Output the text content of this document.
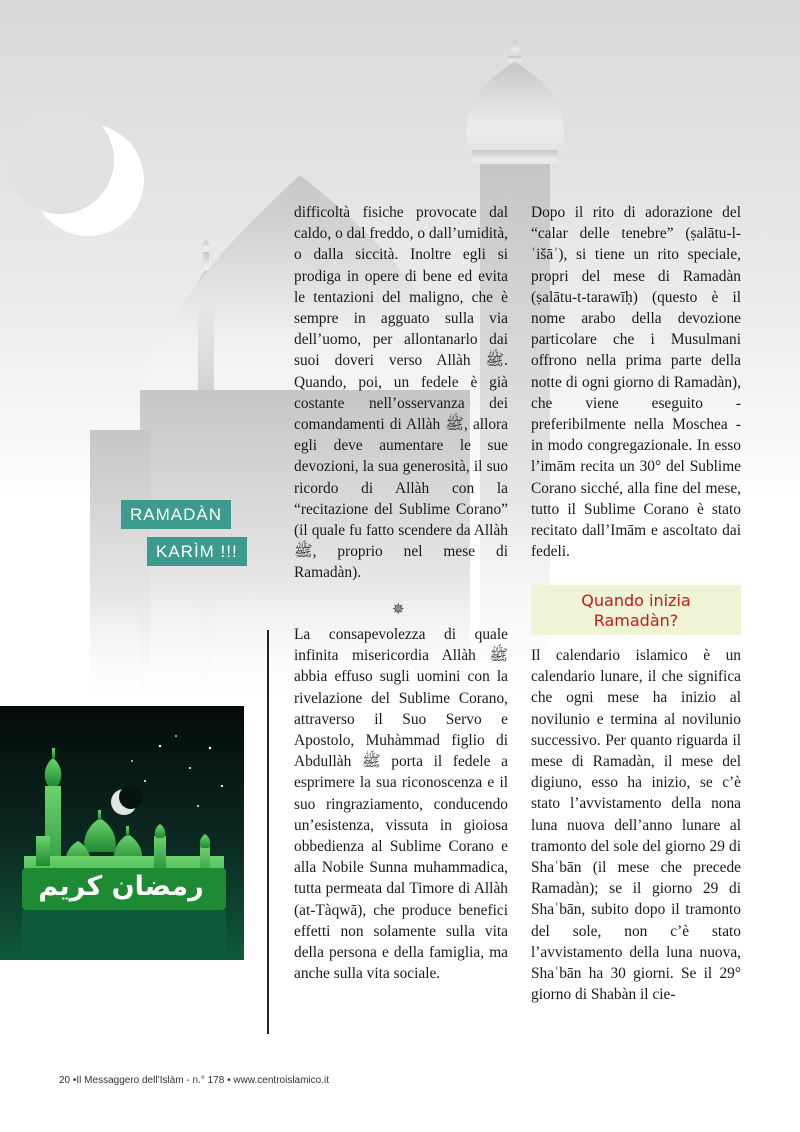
RAMADÀN
KARÌM !!!

difficoltà fisiche provocate dal caldo, o dal freddo, o dall’umidità, o dalla siccità. Inoltre egli si prodiga in opere di bene ed evita le tentazioni del maligno, che è sempre in agguato sulla via dell’uomo, per allontanarlo dai suoi doveri verso Allàh ﷺ. Quando, poi, un fedele è già costante nell’osservanza dei comandamenti di Allàh ﷺ, allora egli deve aumentare le sue devozioni, la sua generosità, il suo ricordo di Allàh con la “recitazione del Sublime Corano” (il quale fu fatto scendere da Allàh ﷺ, proprio nel mese di Ramadàn).

✵

La consapevolezza di quale infinita misericordia Allàh ﷺ abbia effuso sugli uomini con la rivelazione del Sublime Corano, attraverso il Suo Servo e Apostolo, Muhàmmad figlio di Abdullàh ﷺ porta il fedele a esprimere la sua riconoscenza e il suo ringraziamento, conducendo un’esistenza, vissuta in gioiosa obbedienza al Sublime Corano e alla Nobile Sunna muhammadica, tutta permeata dal Timore di Allàh (at-Tàqwā), che produce benefici effetti non solamente sulla vita della persona e della famiglia, ma anche sulla vita sociale.

Dopo il rito di adorazione del “calar delle tenebre” (ṣalātu-l-ʿišāʾ), si tiene un rito speciale, propri del mese di Ramadàn (ṣalātu-t-tarawīḥ) (questo è il nome arabo della devozione particolare che i Musulmani offrono nella prima parte della notte di ogni giorno di Ramadàn), che viene eseguito - preferibilmente nella Moschea - in modo congregazionale. In esso l’imām recita un 30° del Sublime Corano sicché, alla fine del mese, tutto il Sublime Corano è stato recitato dall’Imām e ascoltato dai fedeli.

Quando inizia
Ramadàn?

Il calendario islamico è un calendario lunare, il che significa che ogni mese ha inizio al novilunio e termina al novilunio successivo. Per quanto riguarda il mese di Ramadàn, il mese del digiuno, esso ha inizio, se c’è stato l’avvistamento della nona luna nuova dell’anno lunare al tramonto del sole del giorno 29 di Shaʿbān (il mese che precede Ramadàn); se il giorno 29 di Shaʿbān, subito dopo il tramonto del sole, non c’è stato l’avvistamento della luna nuova, Shaʿbān ha 30 giorni. Se il 29° giorno di Shabàn il cie-

رمضان كريم
20 •Il Messaggero dell’Islàm - n.° 178 • www.centroislamico.it
